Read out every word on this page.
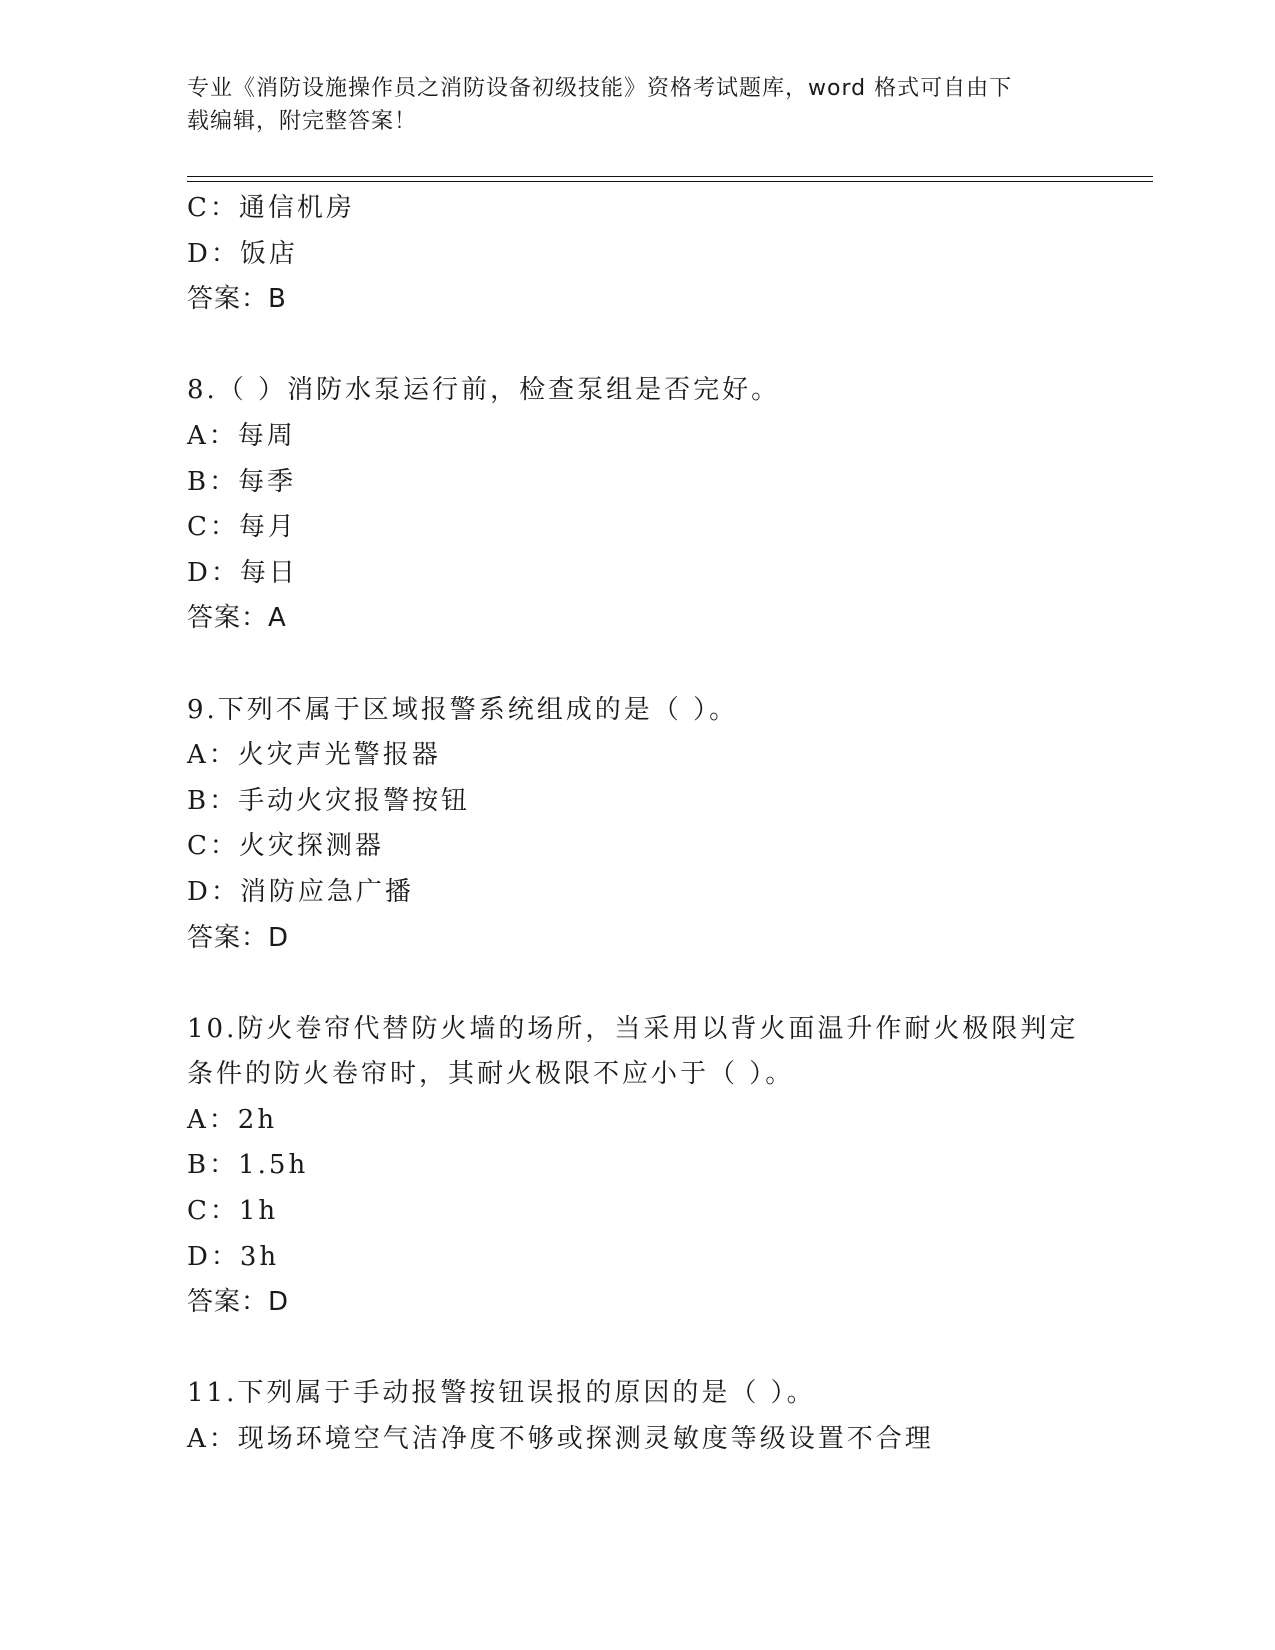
专业《消防设施操作员之消防设备初级技能》资格考试题库，word 格式可自由下
载编辑，附完整答案！
C：通信机房
D：饭店
答案：B
8.（ ）消防水泵运行前，检查泵组是否完好。
A：每周
B：每季
C：每月
D：每日
答案：A
9.下列不属于区域报警系统组成的是（ ）。
A：火灾声光警报器
B：手动火灾报警按钮
C：火灾探测器
D：消防应急广播
答案：D
10.防火卷帘代替防火墙的场所，当采用以背火面温升作耐火极限判定
条件的防火卷帘时，其耐火极限不应小于（ ）。
A：2h
B：1.5h
C：1h
D：3h
答案：D
11.下列属于手动报警按钮误报的原因的是（ ）。
A：现场环境空气洁净度不够或探测灵敏度等级设置不合理
